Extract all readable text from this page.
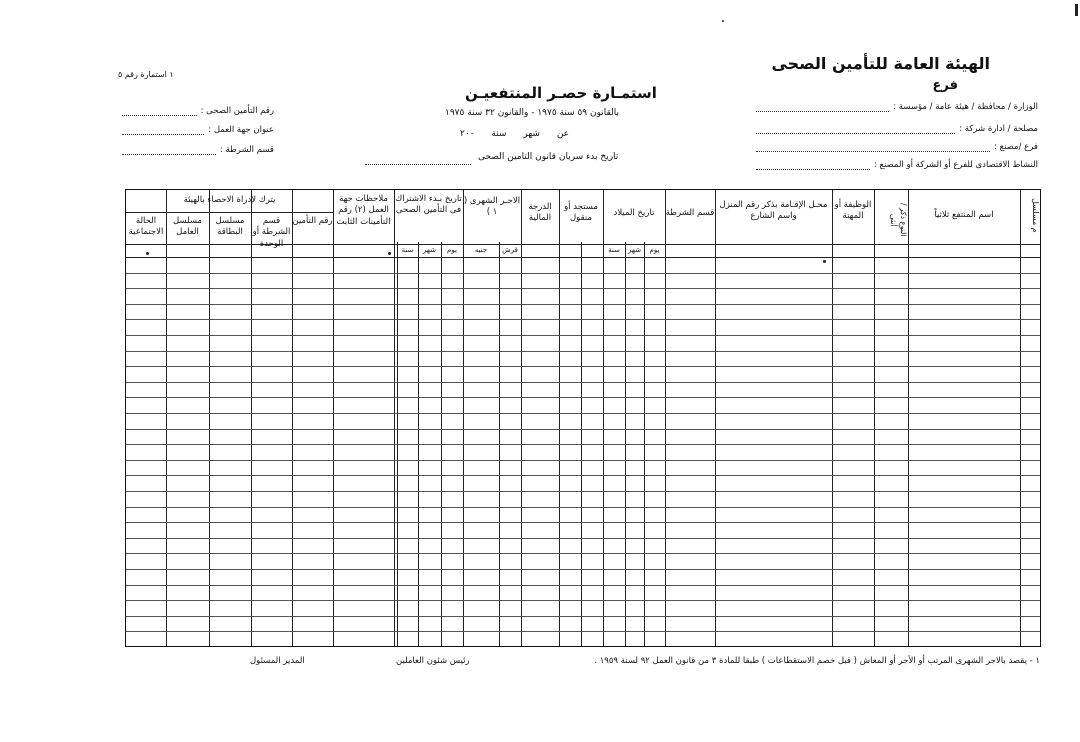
الهيئة العامة للتأمين الصحى
فرع
١ استمارة رقم ٥
استمـارة حصـر المنتفعيـن
بالقانون ٥٩ سنة ١٩٧٥ - والقانون ٣٢ سنة ١٩٧٥
عن شهر سنة ٢٠٠
تاريخ بدء سريان قانون التامين الصحى
الوزارة / محافظة / هيئة عامة / مؤسسة :
مصلحة / ادارة شركة :
فرع /مصنع :
النشاط الاقتصادى للفرع أو الشركة أو المصنع :
رقم التأمين الصحى :
عنوان جهة العمل :
قسم الشرطة :
م مسلسل
اسم المنتفع ثلاثياً
النوع ذكر / أنثى
الوظيفة أو المهنة
محـل الإقـامة بذكر رقم المنزل واسم الشارع
قسم الشرطة
تاريخ الميلاد
مستجد أو منقول
الدرجة المالية
الاجـر الشهرى ( ١ )
تاريخ بـدء الاشتراك فى التأمين الصحى
ملاحظات جهة العمل (٢) رقم التأمينات الثابت
يترك لإدراة الاحصاء بالهيئة
رقم التأمين
قسم الشرطة أو الوحدة
مسلسل البطاقة
مسلسل العامل
الحالة الاجتماعية
يوم
شهر
سنة
قرش
جنيه
يوم
شهر
سنة
١ - يقصد بالاجر الشهرى المرتب أو الأجر أو المعاش ( قبل خصم الاستقطاعات ) طبقا للمادة ٣ من قانون العمل ٩٢ لسنة ١٩٥٩ .
رئيس شئون العاملين
المدير المسئول
